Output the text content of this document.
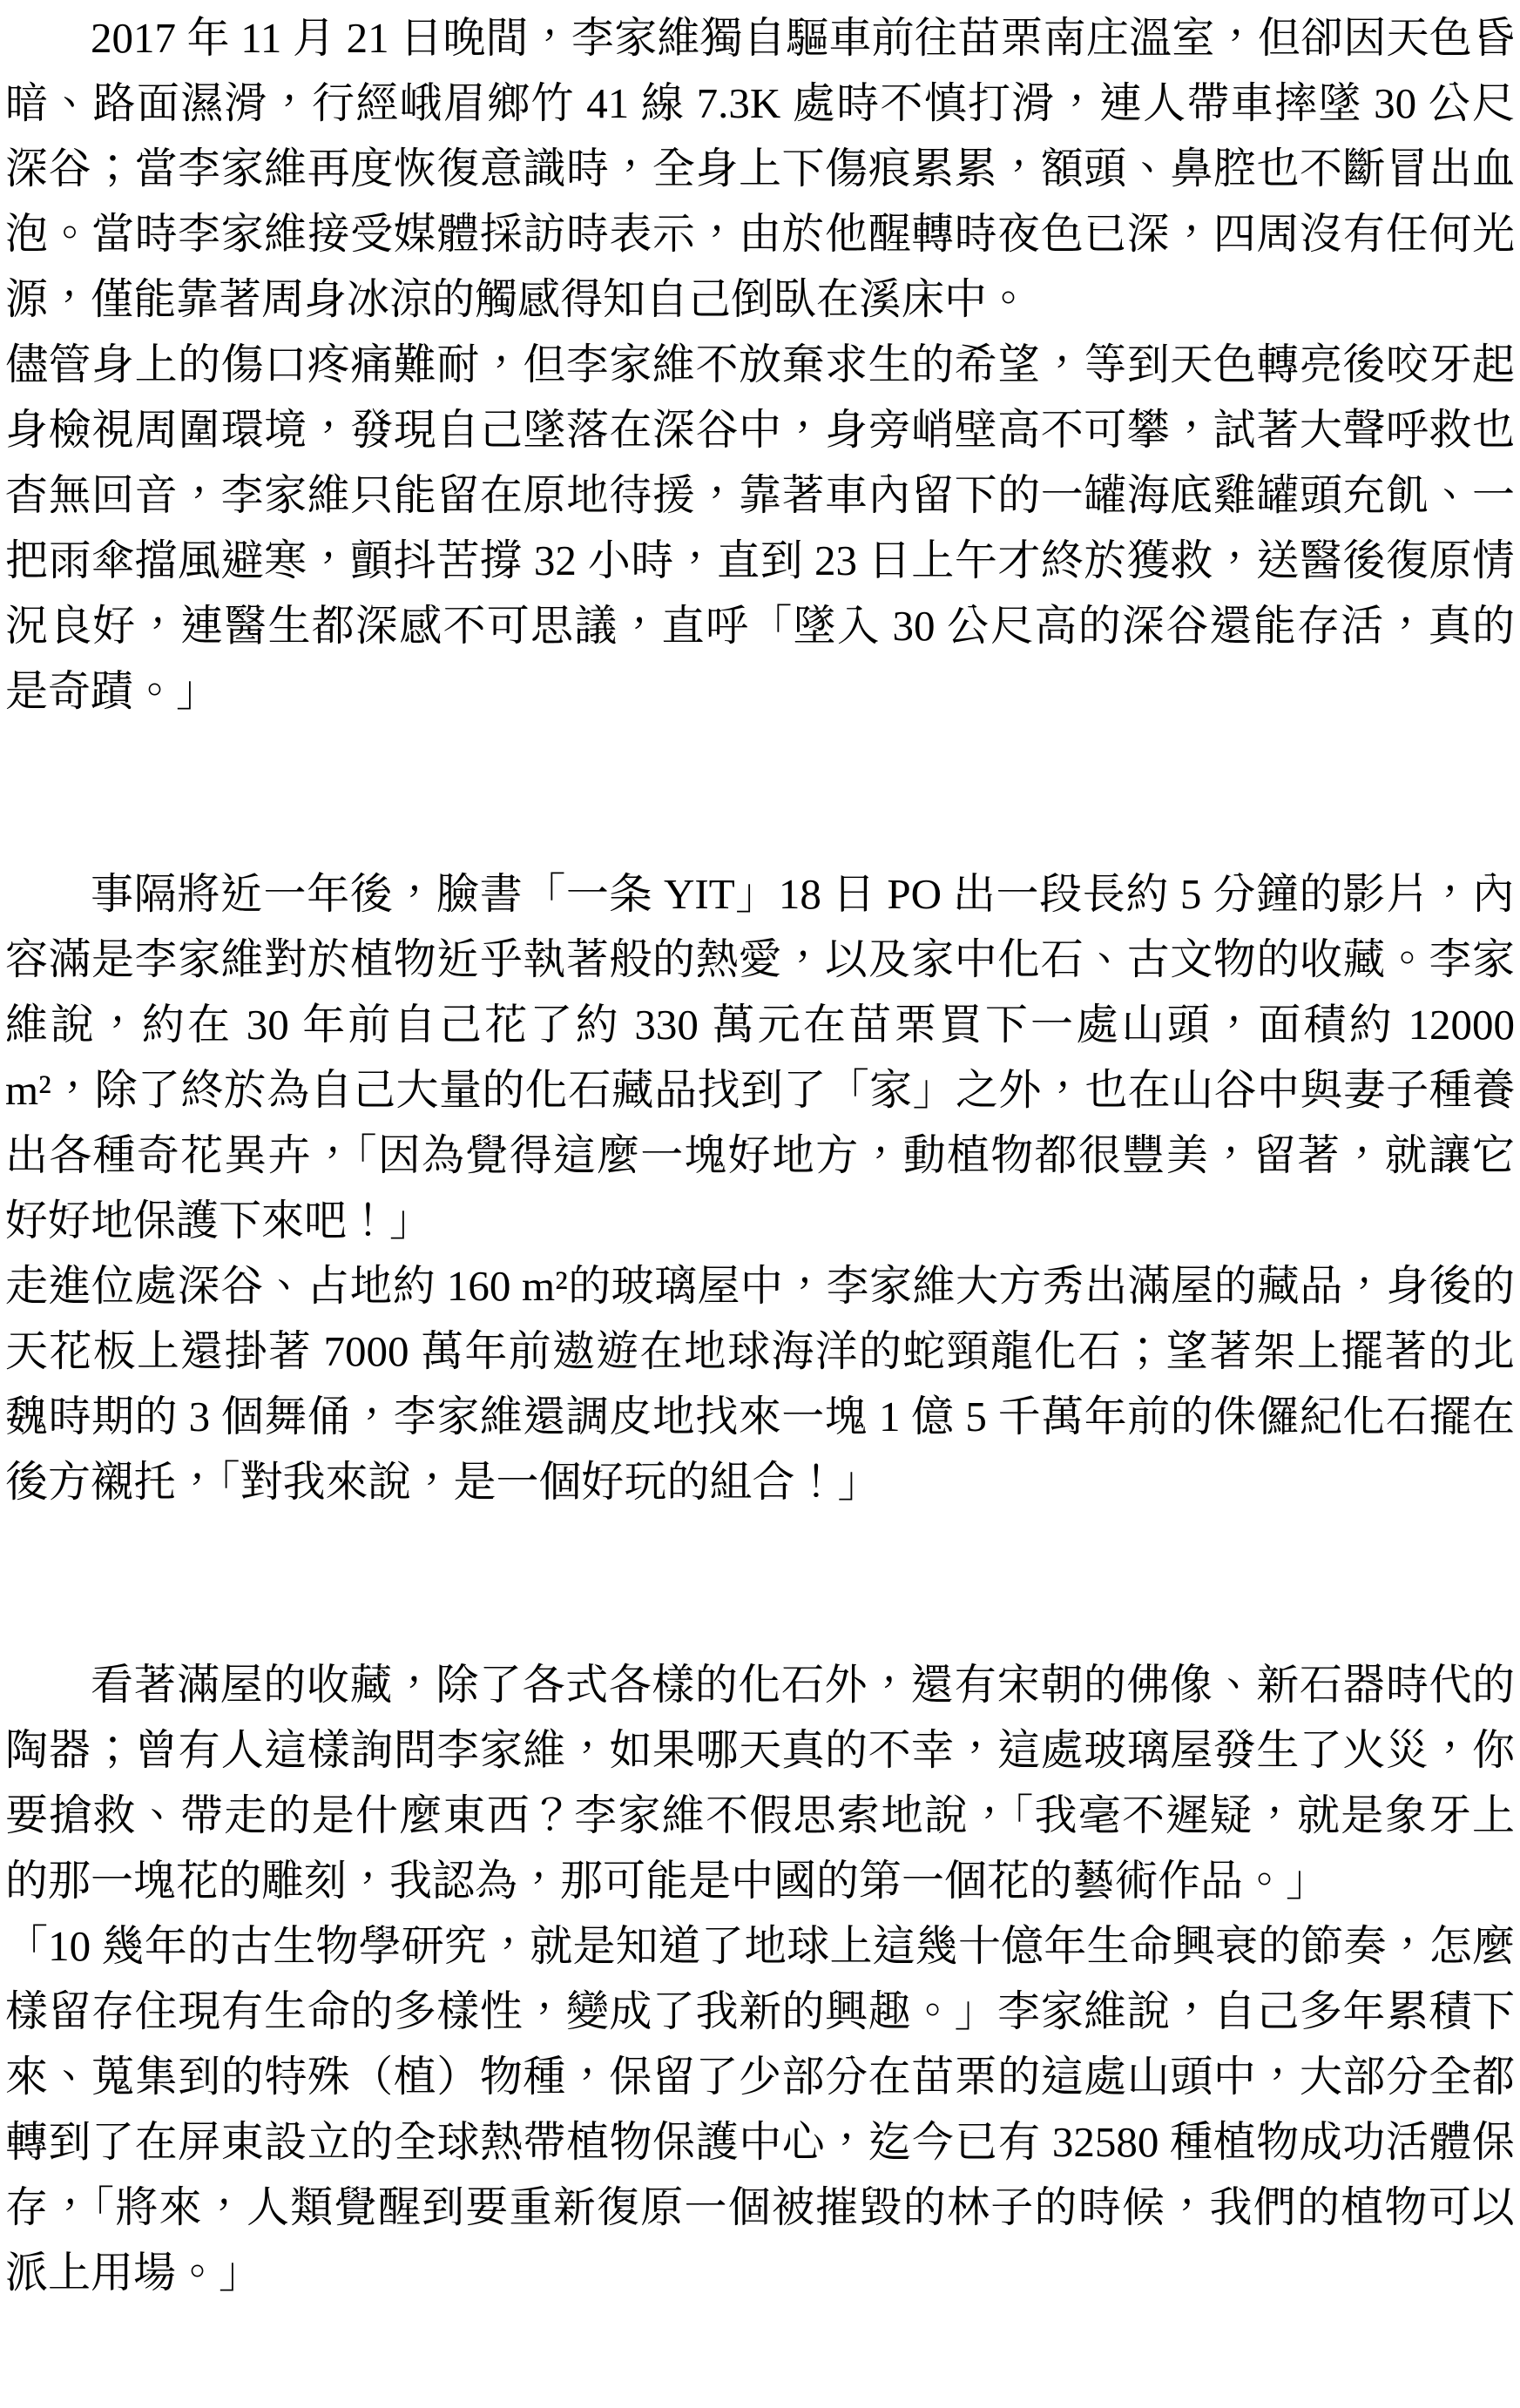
2017 年 11 月 21 日晚間，李家維獨自驅車前往苗栗南庄溫室，但卻因天色昏暗、路面濕滑，行經峨眉鄉竹 41 線 7.3K 處時不慎打滑，連人帶車摔墜 30 公尺深谷；當李家維再度恢復意識時，全身上下傷痕累累，額頭、鼻腔也不斷冒出血泡。當時李家維接受媒體採訪時表示，由於他醒轉時夜色已深，四周沒有任何光源，僅能靠著周身冰涼的觸感得知自己倒臥在溪床中。

儘管身上的傷口疼痛難耐，但李家維不放棄求生的希望，等到天色轉亮後咬牙起身檢視周圍環境，發現自己墜落在深谷中，身旁峭壁高不可攀，試著大聲呼救也杳無回音，李家維只能留在原地待援，靠著車內留下的一罐海底雞罐頭充飢、一把雨傘擋風避寒，顫抖苦撐 32 小時，直到 23 日上午才終於獲救，送醫後復原情況良好，連醫生都深感不可思議，直呼「墜入 30 公尺高的深谷還能存活，真的是奇蹟。」

事隔將近一年後，臉書「一条 YIT」18 日 PO 出一段長約 5 分鐘的影片，內容滿是李家維對於植物近乎執著般的熱愛，以及家中化石、古文物的收藏。李家維說，約在 30 年前自己花了約 330 萬元在苗栗買下一處山頭，面積約 12000 m²，除了終於為自己大量的化石藏品找到了「家」之外，也在山谷中與妻子種養出各種奇花異卉，「因為覺得這麼一塊好地方，動植物都很豐美，留著，就讓它好好地保護下來吧！」

走進位處深谷、占地約 160 m²的玻璃屋中，李家維大方秀出滿屋的藏品，身後的天花板上還掛著 7000 萬年前遨遊在地球海洋的蛇頸龍化石；望著架上擺著的北魏時期的 3 個舞俑，李家維還調皮地找來一塊 1 億 5 千萬年前的侏儸紀化石擺在後方襯托，「對我來說，是一個好玩的組合！」

看著滿屋的收藏，除了各式各樣的化石外，還有宋朝的佛像、新石器時代的陶器；曾有人這樣詢問李家維，如果哪天真的不幸，這處玻璃屋發生了火災，你要搶救、帶走的是什麼東西？李家維不假思索地說，「我毫不遲疑，就是象牙上的那一塊花的雕刻，我認為，那可能是中國的第一個花的藝術作品。」

「10 幾年的古生物學研究，就是知道了地球上這幾十億年生命興衰的節奏，怎麼樣留存住現有生命的多樣性，變成了我新的興趣。」李家維說，自己多年累積下來、蒐集到的特殊（植）物種，保留了少部分在苗栗的這處山頭中，大部分全都轉到了在屏東設立的全球熱帶植物保護中心，迄今已有 32580 種植物成功活體保存，「將來，人類覺醒到要重新復原一個被摧毀的林子的時候，我們的植物可以派上用場。」
